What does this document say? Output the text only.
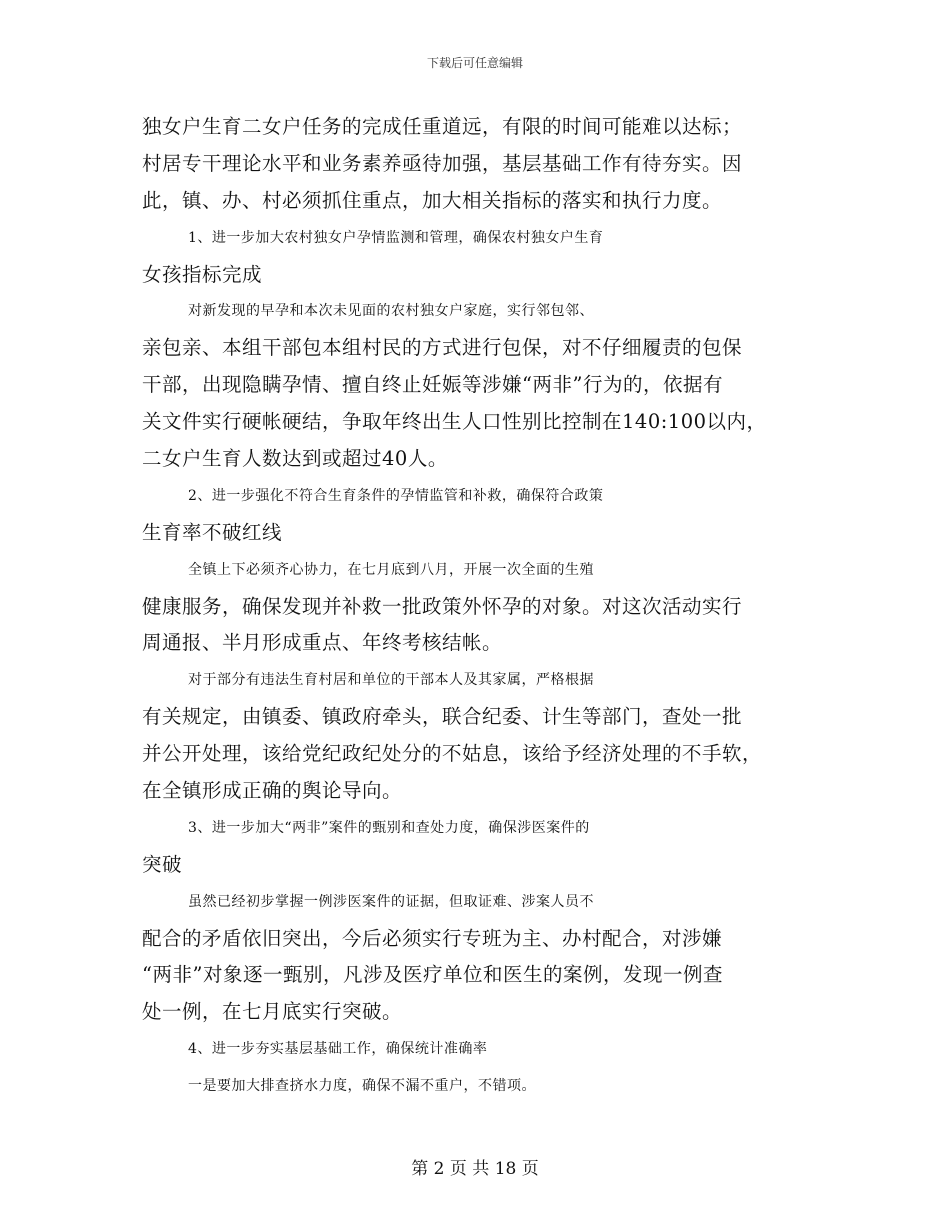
下载后可任意编辑
独女户生育二女户任务的完成任重道远，有限的时间可能难以达标；
村居专干理论水平和业务素养亟待加强，基层基础工作有待夯实。因
此，镇、办、村必须抓住重点，加大相关指标的落实和执行力度。
1、进一步加大农村独女户孕情监测和管理，确保农村独女户生育
女孩指标完成
对新发现的早孕和本次未见面的农村独女户家庭，实行邻包邻、
亲包亲、本组干部包本组村民的方式进行包保，对不仔细履责的包保
干部，出现隐瞒孕情、擅自终止妊娠等涉嫌“两非”行为的，依据有
关文件实行硬帐硬结，争取年终出生人口性别比控制在140:100以内，
二女户生育人数达到或超过40人。
2、进一步强化不符合生育条件的孕情监管和补救，确保符合政策
生育率不破红线
全镇上下必须齐心协力，在七月底到八月，开展一次全面的生殖
健康服务，确保发现并补救一批政策外怀孕的对象。对这次活动实行
周通报、半月形成重点、年终考核结帐。
对于部分有违法生育村居和单位的干部本人及其家属，严格根据
有关规定，由镇委、镇政府牵头，联合纪委、计生等部门，查处一批
并公开处理，该给党纪政纪处分的不姑息，该给予经济处理的不手软，
在全镇形成正确的舆论导向。
3、进一步加大“两非”案件的甄别和查处力度，确保涉医案件的
突破
虽然已经初步掌握一例涉医案件的证据，但取证难、涉案人员不
配合的矛盾依旧突出，今后必须实行专班为主、办村配合，对涉嫌
“两非”对象逐一甄别，凡涉及医疗单位和医生的案例，发现一例查
处一例，在七月底实行突破。
4、进一步夯实基层基础工作，确保统计准确率
一是要加大排查挤水力度，确保不漏不重户，不错项。
第 2 页 共 18 页
